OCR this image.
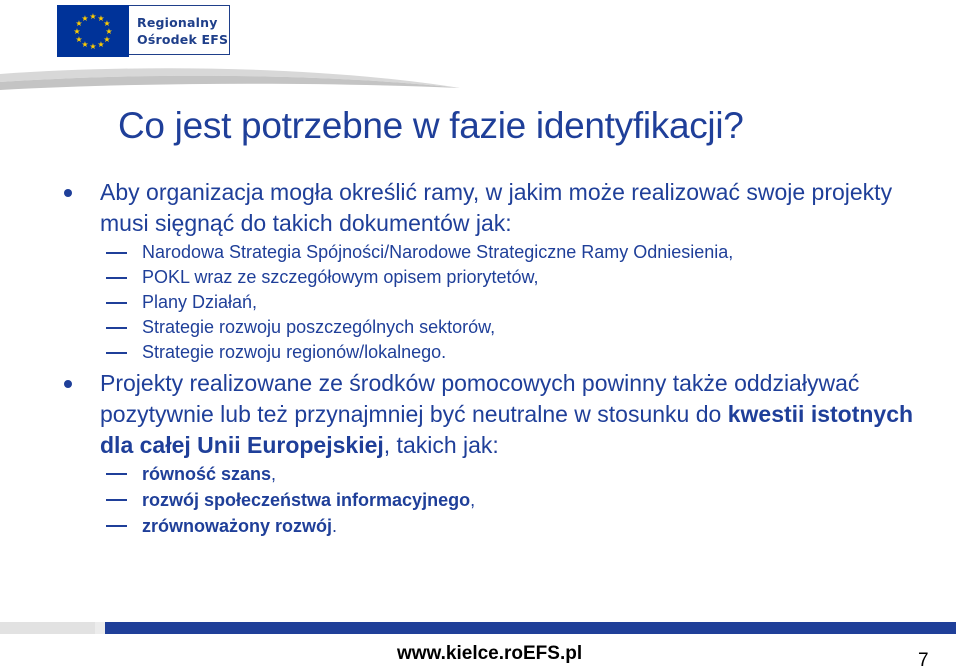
★ ★
★
★
★
★
★
★
★
★
★
★	Regionalny
Ośrodek EFS
Co jest potrzebne w fazie identyfikacji?
Aby organizacja mogła określić ramy, w jakim może realizować swoje projekty musi sięgnąć do takich dokumentów jak:
Narodowa Strategia Spójności/Narodowe Strategiczne Ramy Odniesienia,
POKL wraz ze szczegółowym opisem priorytetów,
Plany Działań,
Strategie rozwoju poszczególnych sektorów,
Strategie rozwoju regionów/lokalnego.
Projekty realizowane ze środków pomocowych powinny także oddziaływać pozytywnie lub też przynajmniej być neutralne w stosunku do kwestii istotnych dla całej Unii Europejskiej, takich jak:
równość szans,
rozwój społeczeństwa informacyjnego,
zrównoważony rozwój.
www.kielce.roEFS.pl	7
